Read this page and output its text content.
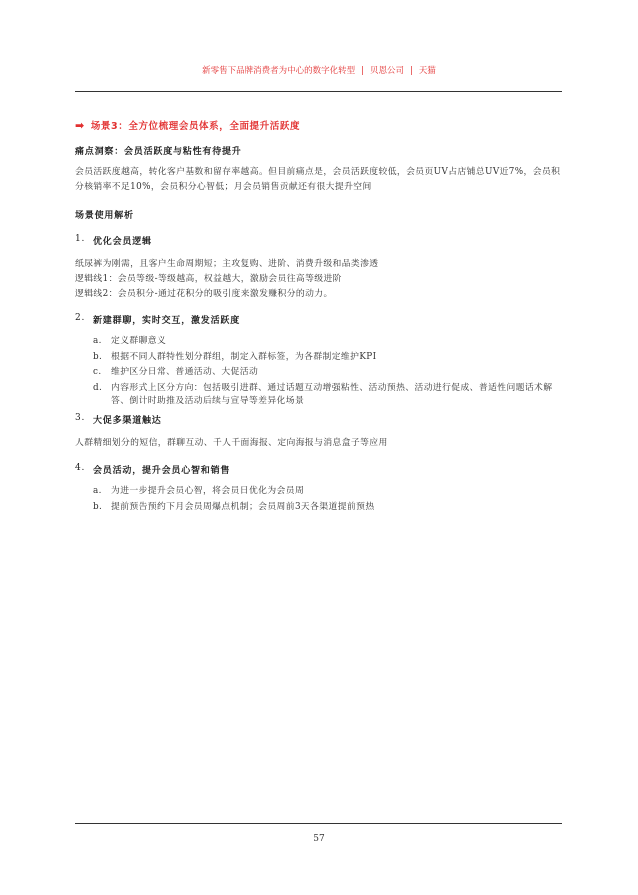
新零售下品牌消费者为中心的数字化转型 | 贝恩公司 | 天猫
➡ 场景3：全方位梳理会员体系，全面提升活跃度
痛点洞察：会员活跃度与粘性有待提升
会员活跃度越高，转化客户基数和留存率越高。但目前痛点是，会员活跃度较低，会员页UV占店铺总UV近7%，会员积分核销率不足10%，会员积分心智低；月会员销售贡献还有很大提升空间
场景使用解析
1. 优化会员逻辑
纸尿裤为刚需，且客户生命周期短；主攻复购、进阶、消费升级和品类渗透
逻辑线1：会员等级-等级越高，权益越大，激励会员往高等级进阶
逻辑线2：会员积分-通过花积分的吸引度来激发赚积分的动力。
2. 新建群聊，实时交互，激发活跃度
a.	定义群聊意义
b. 根据不同人群特性划分群组，制定入群标签，为各群制定维护KPI
c.	维护区分日常、普通活动、大促活动
d. 内容形式上区分方向：包括吸引进群、通过话题互动增强粘性、活动预热、活动进行促成、普适性问题话术解答、倒计时助推及活动后续与宣导等差异化场景
3. 大促多渠道触达
人群精细划分的短信，群聊互动、千人千面海报、定向海报与消息盒子等应用
4. 会员活动，提升会员心智和销售
a.	为进一步提升会员心智，将会员日优化为会员周
b. 提前预告预约下月会员周爆点机制；会员周前3天各渠道提前预热
57
